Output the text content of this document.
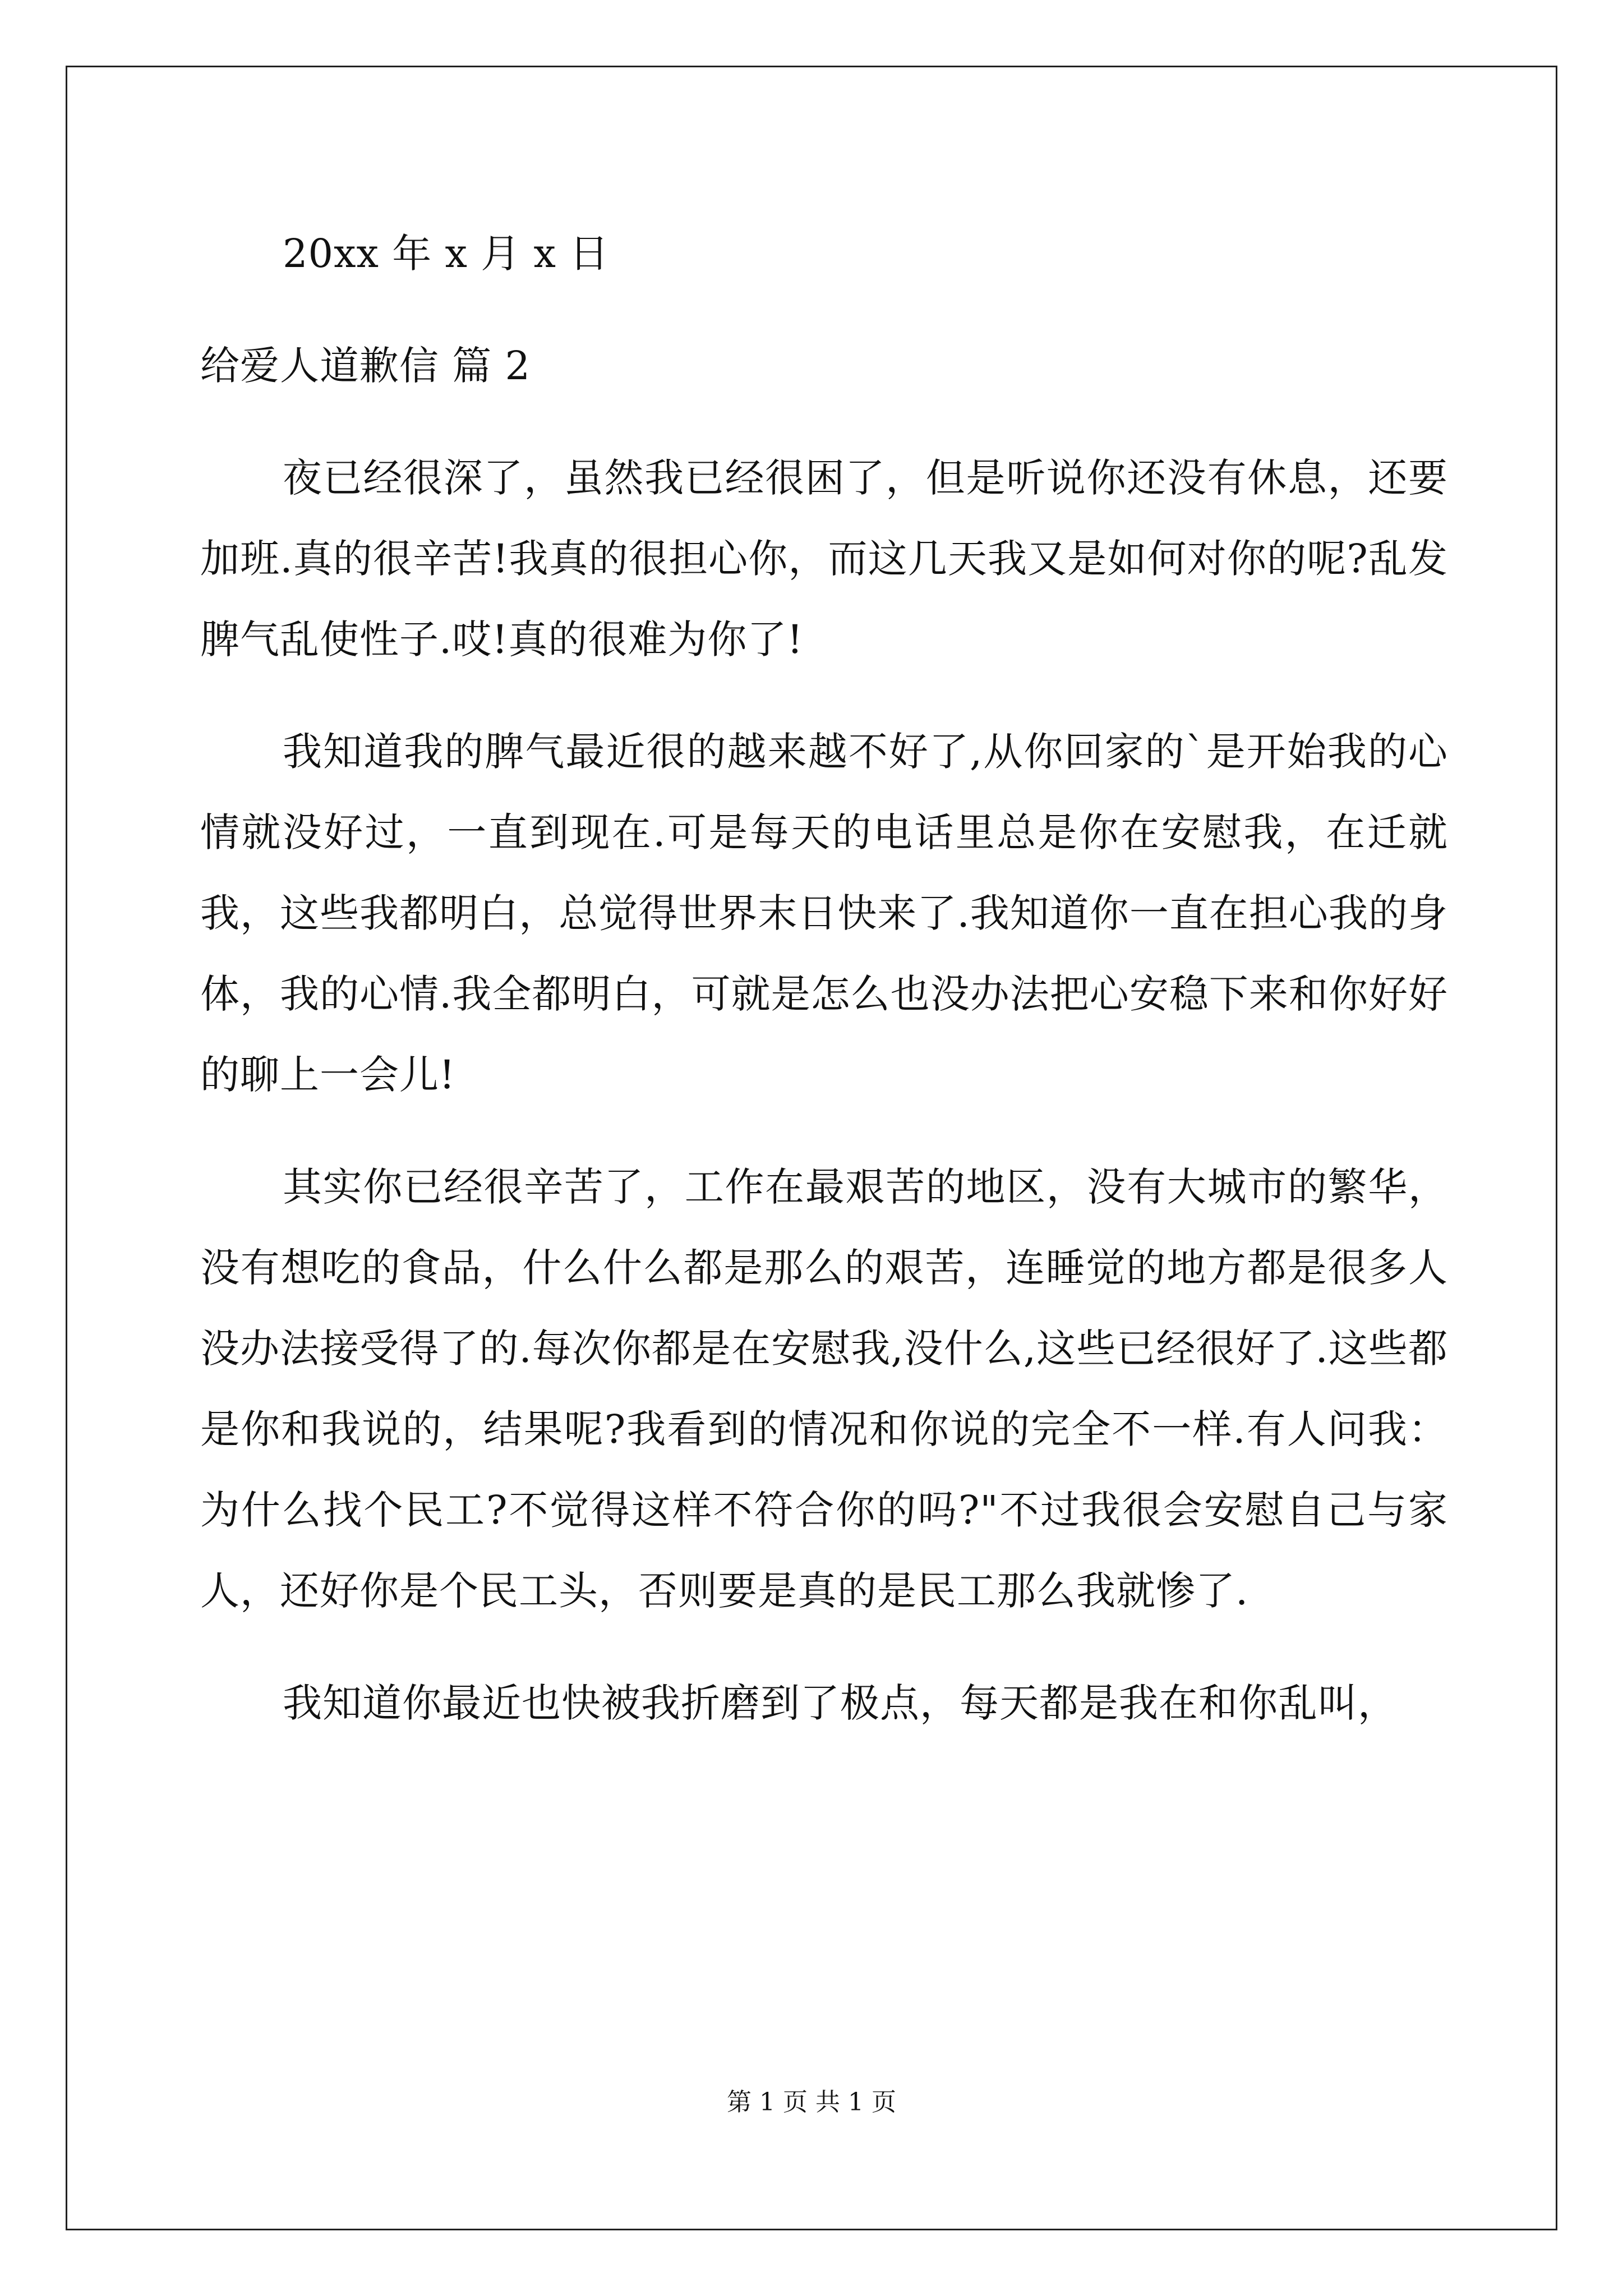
20xx 年 x 月 x 日
给爱人道歉信 篇 2

夜已经很深了，虽然我已经很困了，但是听说你还没有休息，还要加班.真的很辛苦!我真的很担心你，而这几天我又是如何对你的呢?乱发脾气乱使性子.哎!真的很难为你了!

我知道我的脾气最近很的越来越不好了,从你回家的`是开始我的心情就没好过，一直到现在.可是每天的电话里总是你在安慰我，在迁就我，这些我都明白，总觉得世界末日快来了.我知道你一直在担心我的身体，我的心情.我全都明白，可就是怎么也没办法把心安稳下来和你好好的聊上一会儿!

其实你已经很辛苦了，工作在最艰苦的地区，没有大城市的繁华，没有想吃的食品，什么什么都是那么的艰苦，连睡觉的地方都是很多人没办法接受得了的.每次你都是在安慰我,没什么,这些已经很好了.这些都是你和我说的，结果呢?我看到的情况和你说的完全不一样.有人问我：为什么找个民工?不觉得这样不符合你的吗?"不过我很会安慰自己与家人，还好你是个民工头，否则要是真的是民工那么我就惨了.

我知道你最近也快被我折磨到了极点，每天都是我在和你乱叫，

第 1 页 共 1 页
